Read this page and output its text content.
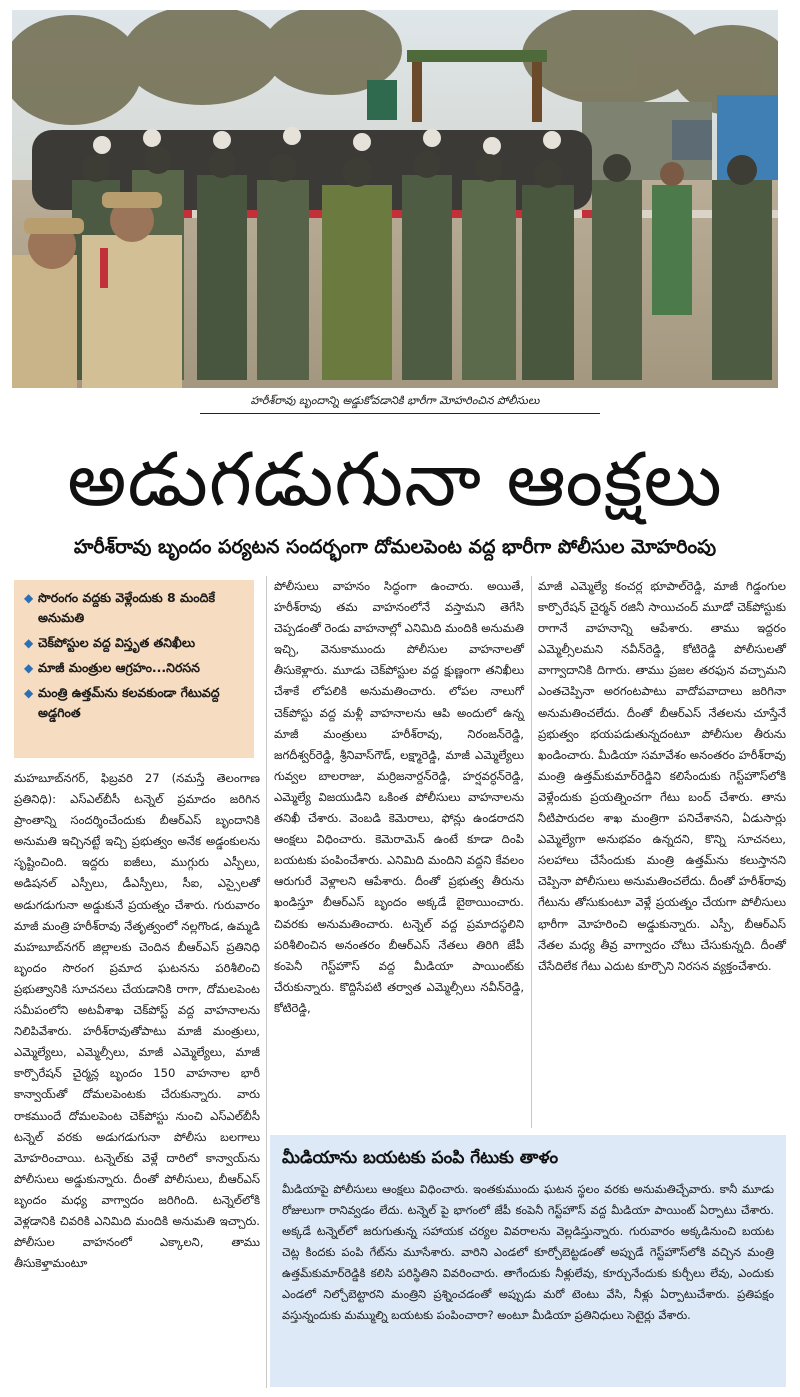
హరీశ్‌రావు బృందాన్ని అడ్డుకోవడానికి భారీగా మోహరించిన పోలీసులు
అడుగడుగునా ఆంక్షలు
హరీశ్‌రావు బృందం పర్యటన సందర్భంగా దోమలపెంట వద్ద భారీగా పోలీసుల మోహరింపు
◆ సొరంగం వద్దకు వెళ్లేందుకు 8 మందికే అనుమతి
◆ చెక్‌పోస్టుల వద్ద విస్తృత తనిఖీలు
◆ మాజీ మంత్రుల ఆగ్రహం...నిరసన
◆ మంత్రి ఉత్తమ్‌ను కలవకుండా గేటువద్ద అడ్డగింత

మహబూబ్‌నగర్‌, ఫిబ్రవరి 27 (నమస్తే తెలంగాణ ప్రతినిధి): ఎస్‌ఎల్‌బీసీ టన్నెల్‌ ప్రమాదం జరిగిన ప్రాంతాన్ని సందర్శించేందుకు బీఆర్‌ఎస్‌ బృందానికి అనుమతి ఇచ్చినట్టే ఇచ్చి ప్రభుత్వం అనేక అడ్డంకులను సృష్టించింది. ఇద్దరు ఐజీలు, ముగ్గురు ఎస్పీలు, అడిషనల్‌ ఎస్పీలు, డీఎస్పీలు, సీఐ, ఎస్సైలతో అడుగడుగునా అడ్డుకునే ప్రయత్నం చేశారు. గురువారం మాజీ మంత్రి హరీశ్‌రావు నేతృత్వంలో నల్లగొండ, ఉమ్మడి మహబూబ్‌నగర్‌ జిల్లాలకు చెందిన బీఆర్‌ఎస్‌ ప్రతినిధి బృందం సొరంగ ప్రమాద ఘటనను పరిశీలించి ప్రభుత్వానికి సూచనలు చేయడానికి రాగా, దోమలపెంట సమీపంలోని అటవీశాఖ చెక్‌పోస్ట్‌ వద్ద వాహనాలను నిలిపివేశారు. హరీశ్‌రావుతోపాటు మాజీ మంత్రులు, ఎమ్మెల్యేలు, ఎమ్మెల్సీలు, మాజీ ఎమ్మెల్యేలు, మాజీ కార్పొరేషన్‌ చైర్మన్ల బృందం 150 వాహనాల భారీ కాన్వాయ్‌తో దోమలపెంటకు చేరుకున్నారు. వారు రాకముందే దోమలపెంట చెక్‌పోస్టు నుంచి ఎస్‌ఎల్‌బీసీ టన్నెల్‌ వరకు అడుగడుగునా పోలీసు బలగాలు మోహరించాయి. టన్నెల్‌కు వెళ్లే దారిలో కాన్వాయ్‌ను పోలీసులు అడ్డుకున్నారు. దీంతో పోలీసులు, బీఆర్‌ఎస్‌ బృందం మధ్య వాగ్వాదం జరిగింది. టన్నెల్‌లోకి వెళ్లడానికి చివరికి ఎనిమిది మందికి అనుమతి ఇచ్చారు. పోలీసుల వాహనంలో ఎక్కాలని, తాము తీసుకెళ్తామంటూ

పోలీసులు వాహనం సిద్ధంగా ఉంచారు. అయితే, హరీశ్‌రావు తమ వాహనంలోనే వస్తామని తెగేసి చెప్పడంతో రెండు వాహనాల్లో ఎనిమిది మందికి అనుమతి ఇచ్చి, వెనుకాముందు పోలీసుల వాహనాలతో తీసుకెళ్లారు. మూడు చెక్‌పోస్టుల వద్ద క్షుణ్ణంగా తనిఖీలు చేశాకే లోపలికి అనుమతించారు. లోపల నాలుగో చెక్‌పోస్టు వద్ద మళ్లీ వాహనాలను ఆపి అందులో ఉన్న మాజీ మంత్రులు హరీశ్‌రావు, నిరంజన్‌రెడ్డి, జగదీశ్వర్‌రెడ్డి, శ్రీనివాస్‌గౌడ్‌, లక్ష్మారెడ్డి, మాజీ ఎమ్మెల్యేలు గువ్వల బాలరాజు, మర్రిజనార్దన్‌రెడ్డి, హర్షవర్ధన్‌రెడ్డి, ఎమ్మెల్యే విజయుడిని ఒకింత పోలీసులు వాహనాలను తనిఖీ చేశారు. వెంబడి కెమెరాలు, ఫోన్లు ఉండరాదని ఆంక్షలు విధించారు. కెమెరామెన్‌ ఉంటే కూడా దింపి బయటకు పంపించేశారు. ఎనిమిది మందిని వద్దని కేవలం ఆరుగురే వెళ్లాలని ఆపేశారు. దీంతో ప్రభుత్వ తీరును ఖండిస్తూ బీఆర్‌ఎస్‌ బృందం అక్కడే బైఠాయించారు. చివరకు అనుమతించారు. టన్నెల్‌ వద్ద ప్రమాదస్థలిని పరిశీలించిన అనంతరం బీఆర్‌ఎస్‌ నేతలు తిరిగి జేపీ కంపెనీ గెస్ట్‌హౌస్‌ వద్ద మీడియా పాయింట్‌కు చేరుకున్నారు. కొద్దిసేపటి తర్వాత ఎమ్మెల్సీలు నవీన్‌రెడ్డి, కోటిరెడ్డి,

మాజీ ఎమ్మెల్యే కంచర్ల భూపాల్‌రెడ్డి, మాజీ గిడ్డంగుల కార్పొరేషన్‌ చైర్మన్‌ రజినీ సాయిచంద్‌ మూడో చెక్‌పోస్టుకు రాగానే వాహనాన్ని ఆపేశారు. తాము ఇద్దరం ఎమ్మెల్సీలమని నవీన్‌రెడ్డి, కోటిరెడ్డి పోలీసులతో వాగ్వాదానికి దిగారు. తాము ప్రజల తరఫున వచ్చామని ఎంతచెప్పినా అరగంటపాటు వాదోపవాదాలు జరిగినా అనుమతించలేదు. దీంతో బీఆర్‌ఎస్‌ నేతలను చూస్తేనే ప్రభుత్వం భయపడుతున్నదంటూ పోలీసుల తీరును ఖండించారు. మీడియా సమావేశం అనంతరం హరీశ్‌రావు మంత్రి ఉత్తమ్‌కుమార్‌రెడ్డిని కలిసేందుకు గెస్ట్‌హౌస్‌లోకి వెళ్లేందుకు ప్రయత్నించగా గేటు బంద్‌ చేశారు. తాను నీటిపారుదల శాఖ మంత్రిగా పనిచేశానని, ఏడుసార్లు ఎమ్మెల్యేగా అనుభవం ఉన్నదని, కొన్ని సూచనలు, సలహాలు చేసేందుకు మంత్రి ఉత్తమ్‌ను కలుస్తానని చెప్పినా పోలీసులు అనుమతించలేదు. దీంతో హరీశ్‌రావు గేటును తోసుకుంటూ వెళ్లే ప్రయత్నం చేయగా పోలీసులు భారీగా మోహరించి అడ్డుకున్నారు. ఎస్పీ, బీఆర్‌ఎస్‌ నేతల మధ్య తీవ్ర వాగ్వాదం చోటు చేసుకున్నది. దీంతో చేసేదిలేక గేటు ఎదుట కూర్చొని నిరసన వ్యక్తంచేశారు.

మీడియాను బయటకు పంపి గేటుకు తాళం
మీడియాపై పోలీసులు ఆంక్షలు విధించారు. ఇంతకుముందు ఘటన స్థలం వరకు అనుమతిచ్చేవారు. కానీ మూడు రోజులుగా రానివ్వడం లేదు. టన్నెల్‌ పై భాగంలో జేపీ కంపెనీ గెస్ట్‌హౌస్‌ వద్ద మీడియా పాయింట్‌ ఏర్పాటు చేశారు. అక్కడే టన్నెల్‌లో జరుగుతున్న సహాయక చర్యల వివరాలను వెల్లడిస్తున్నారు. గురువారం అక్కడినుంచి బయట చెట్ల కిందకు పంపి గేట్‌ను మూసేశారు. వారిని ఎండలో కూర్చోబెట్టడంతో అప్పుడే గెస్ట్‌హౌస్‌లోకి వచ్చిన మంత్రి ఉత్తమ్‌కుమార్‌రెడ్డికి కలిసి పరిస్థితిని వివరించారు. తాగేందుకు నీళ్లులేవు, కూర్చునేందుకు కుర్చీలు లేవు, ఎందుకు ఎండలో నిల్చోబెట్టారని మంత్రిని ప్రశ్నించడంతో అప్పుడు మరో టెంటు వేసి, నీళ్లు ఏర్పాటుచేశారు. ప్రతిపక్షం వస్తున్నందుకు మమ్ముల్ని బయటకు పంపించారా? అంటూ మీడియా ప్రతినిధులు సెటైర్లు వేశారు.
